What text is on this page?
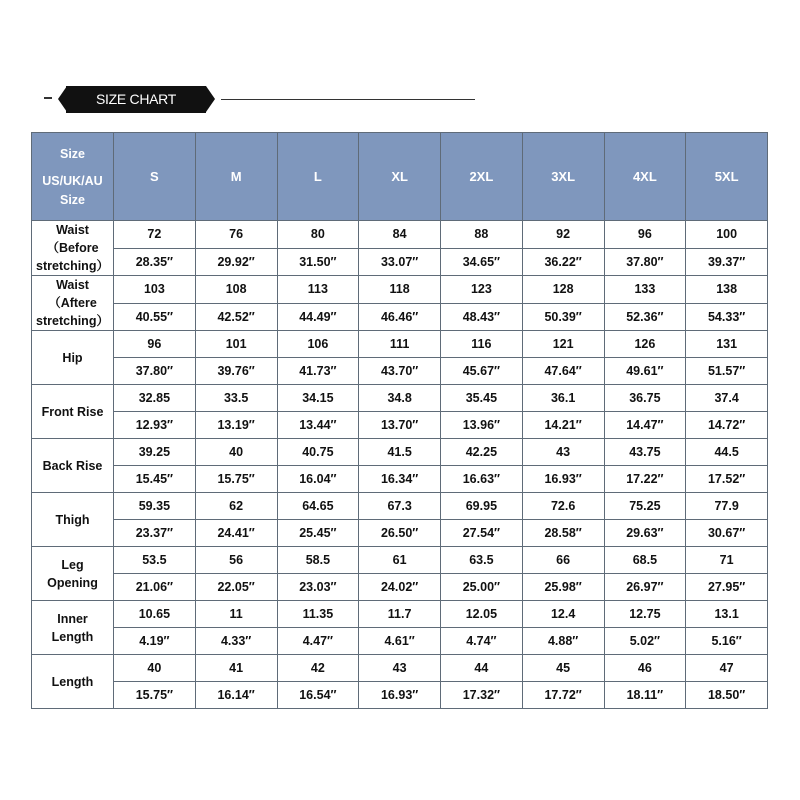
SIZE CHART
Size
US/UK/AU
Size	S	M	L	XL	2XL	3XL	4XL	5XL

Waist
（Before
stretching）	72	76	80	84	88	92	96	100
	28.35″	29.92″	31.50″	33.07″	34.65″	36.22″	37.80″	39.37″

Waist
（Aftere
stretching）	103	108	113	118	123	128	133	138
	40.55″	42.52″	44.49″	46.46″	48.43″	50.39″	52.36″	54.33″

Hip	96	101	106	111	116	121	126	131
	37.80″	39.76″	41.73″	43.70″	45.67″	47.64″	49.61″	51.57″

Front Rise	32.85	33.5	34.15	34.8	35.45	36.1	36.75	37.4
	12.93″	13.19″	13.44″	13.70″	13.96″	14.21″	14.47″	14.72″

Back Rise	39.25	40	40.75	41.5	42.25	43	43.75	44.5
	15.45″	15.75″	16.04″	16.34″	16.63″	16.93″	17.22″	17.52″

Thigh	59.35	62	64.65	67.3	69.95	72.6	75.25	77.9
	23.37″	24.41″	25.45″	26.50″	27.54″	28.58″	29.63″	30.67″

Leg
Opening	53.5	56	58.5	61	63.5	66	68.5	71
	21.06″	22.05″	23.03″	24.02″	25.00″	25.98″	26.97″	27.95″

Inner
Length	10.65	11	11.35	11.7	12.05	12.4	12.75	13.1
	4.19″	4.33″	4.47″	4.61″	4.74″	4.88″	5.02″	5.16″

Length	40	41	42	43	44	45	46	47
	15.75″	16.14″	16.54″	16.93″	17.32″	17.72″	18.11″	18.50″
